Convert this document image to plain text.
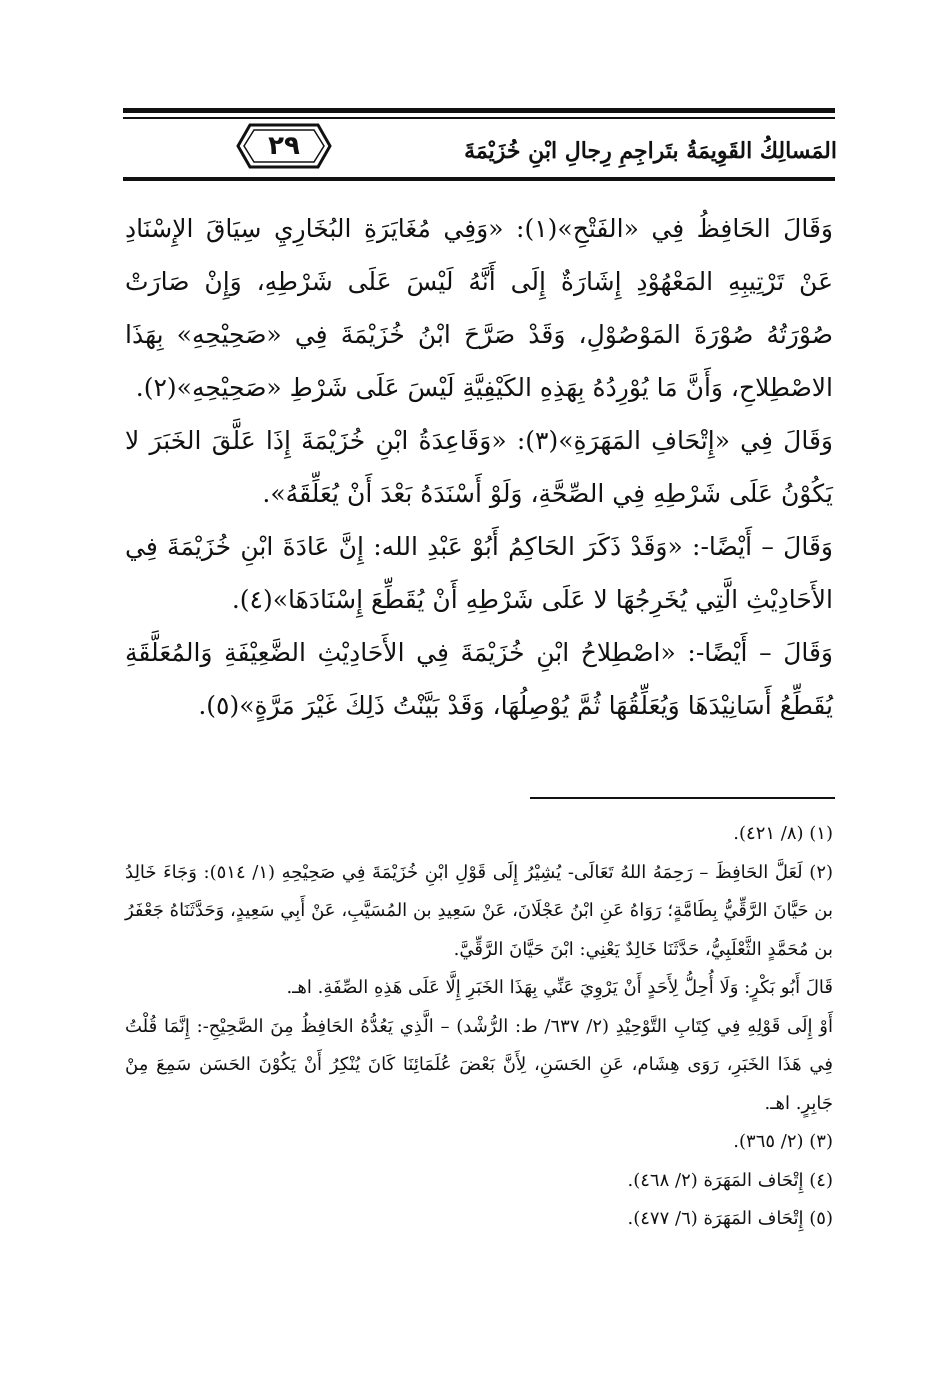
٢٩	المَسالِكُ القَوِيمَةُ بتَراجِمِ رِجالِ ابْنِ خُزَيْمَةَ

وَقَالَ الحَافِظُ فِي «الفَتْحِ»(١): «وَفِي مُغَايَرَةِ البُخَارِيِ سِيَاقَ الإِسْنَادِ عَنْ تَرْتِيبِهِ المَعْهُوْدِ إِشَارَةٌ إِلَى أَنَّهُ لَيْسَ عَلَى شَرْطِهِ، وَإِنْ صَارَتْ صُوْرَتُهُ صُوْرَةَ المَوْصُوْلِ، وَقَدْ صَرَّحَ ابْنُ خُزَيْمَةَ فِي «صَحِيْحِهِ» بِهَذَا الاصْطِلاحِ، وَأَنَّ مَا يُوْرِدُهُ بِهَذِهِ الكَيْفِيَّةِ لَيْسَ عَلَى شَرْطِ «صَحِيْحِهِ»(٢).

وَقَالَ فِي «إِتْحَافِ المَهَرَةِ»(٣): «وَقَاعِدَةُ ابْنِ خُزَيْمَةَ إِذَا عَلَّقَ الخَبَرَ لا يَكُوْنُ عَلَى شَرْطِهِ فِي الصِّحَّةِ، وَلَوْ أَسْنَدَهُ بَعْدَ أَنْ يُعَلِّقَهُ».

وَقَالَ – أَيْضًا-: «وَقَدْ ذَكَرَ الحَاكِمُ أَبُوْ عَبْدِ الله: إِنَّ عَادَةَ ابْنِ خُزَيْمَةَ فِي الأَحَادِيْثِ الَّتِي يُخَرِجُهَا لا عَلَى شَرْطِهِ أَنْ يُقَطِّعَ إِسْنَادَهَا»(٤).

وَقَالَ – أَيْضًا-: «اصْطِلاحُ ابْنِ خُزَيْمَةَ فِي الأَحَادِيْثِ الضَّعِيْفَةِ وَالمُعَلَّقَةِ يُقَطِّعُ أَسَانِيْدَهَا وَيُعَلِّقُهَا ثُمَّ يُوْصِلُهَا، وَقَدْ بَيَّنْتُ ذَلِكَ غَيْرَ مَرَّةٍ»(٥).

(١) (٨/ ٤٢١).

(٢) لَعَلَّ الحَافِظَ – رَحِمَهُ اللهُ تَعَالَى- يُشِيْرُ إِلَى قَوْلِ ابْنِ خُزَيْمَةَ فِي صَحِيْحِهِ (١/ ٥١٤): وَجَاءَ خَالِدُ بن حَيَّانَ الرَّقِّيُّ بِطَامَّةٍ؛ رَوَاهُ عَنِ ابْنُ عَجْلَانَ، عَنْ سَعِيدِ بن المُسَيَّبِ، عَنْ أَبِي سَعِيدٍ، وَحَدَّثَنَاهُ جَعْفَرُ بن مُحَمَّدٍ الثَّعْلَبِيُّ، حَدَّثَنَا خَالِدٌ يَعْنِي: ابْنَ حَيَّانَ الرَّقِّيَّ.

قَالَ أَبُو بَكْرٍ: وَلَا أُحِلُّ لِأَحَدٍ أَنْ يَرْوِيَ عَنِّي بِهَذَا الخَبَرِ إِلَّا عَلَى هَذِهِ الصِّفَةِ. اهـ.

أَوْ إِلَى قَوْلِهِ فِي كِتَابِ التَّوْحِيْدِ (٢/ ٦٣٧/ ط: الرُّشْد) – الَّذِي يَعُدُّهُ الحَافِظُ مِنَ الصَّحِيْحِ-: إِنَّمَا قُلْتُ فِي هَذَا الخَبَرِ، رَوَى هِشَام، عَنِ الحَسَنِ، لِأَنَّ بَعْضَ عُلَمَائِنَا كَانَ يُنْكِرُ أَنْ يَكُوْنَ الحَسَن سَمِعَ مِنْ جَابِرٍ. اهـ.

(٣) (٢/ ٣٦٥).

(٤) إِتْحَاف المَهَرَة (٢/ ٤٦٨).

(٥) إِتْحَاف المَهَرَة (٦/ ٤٧٧).
